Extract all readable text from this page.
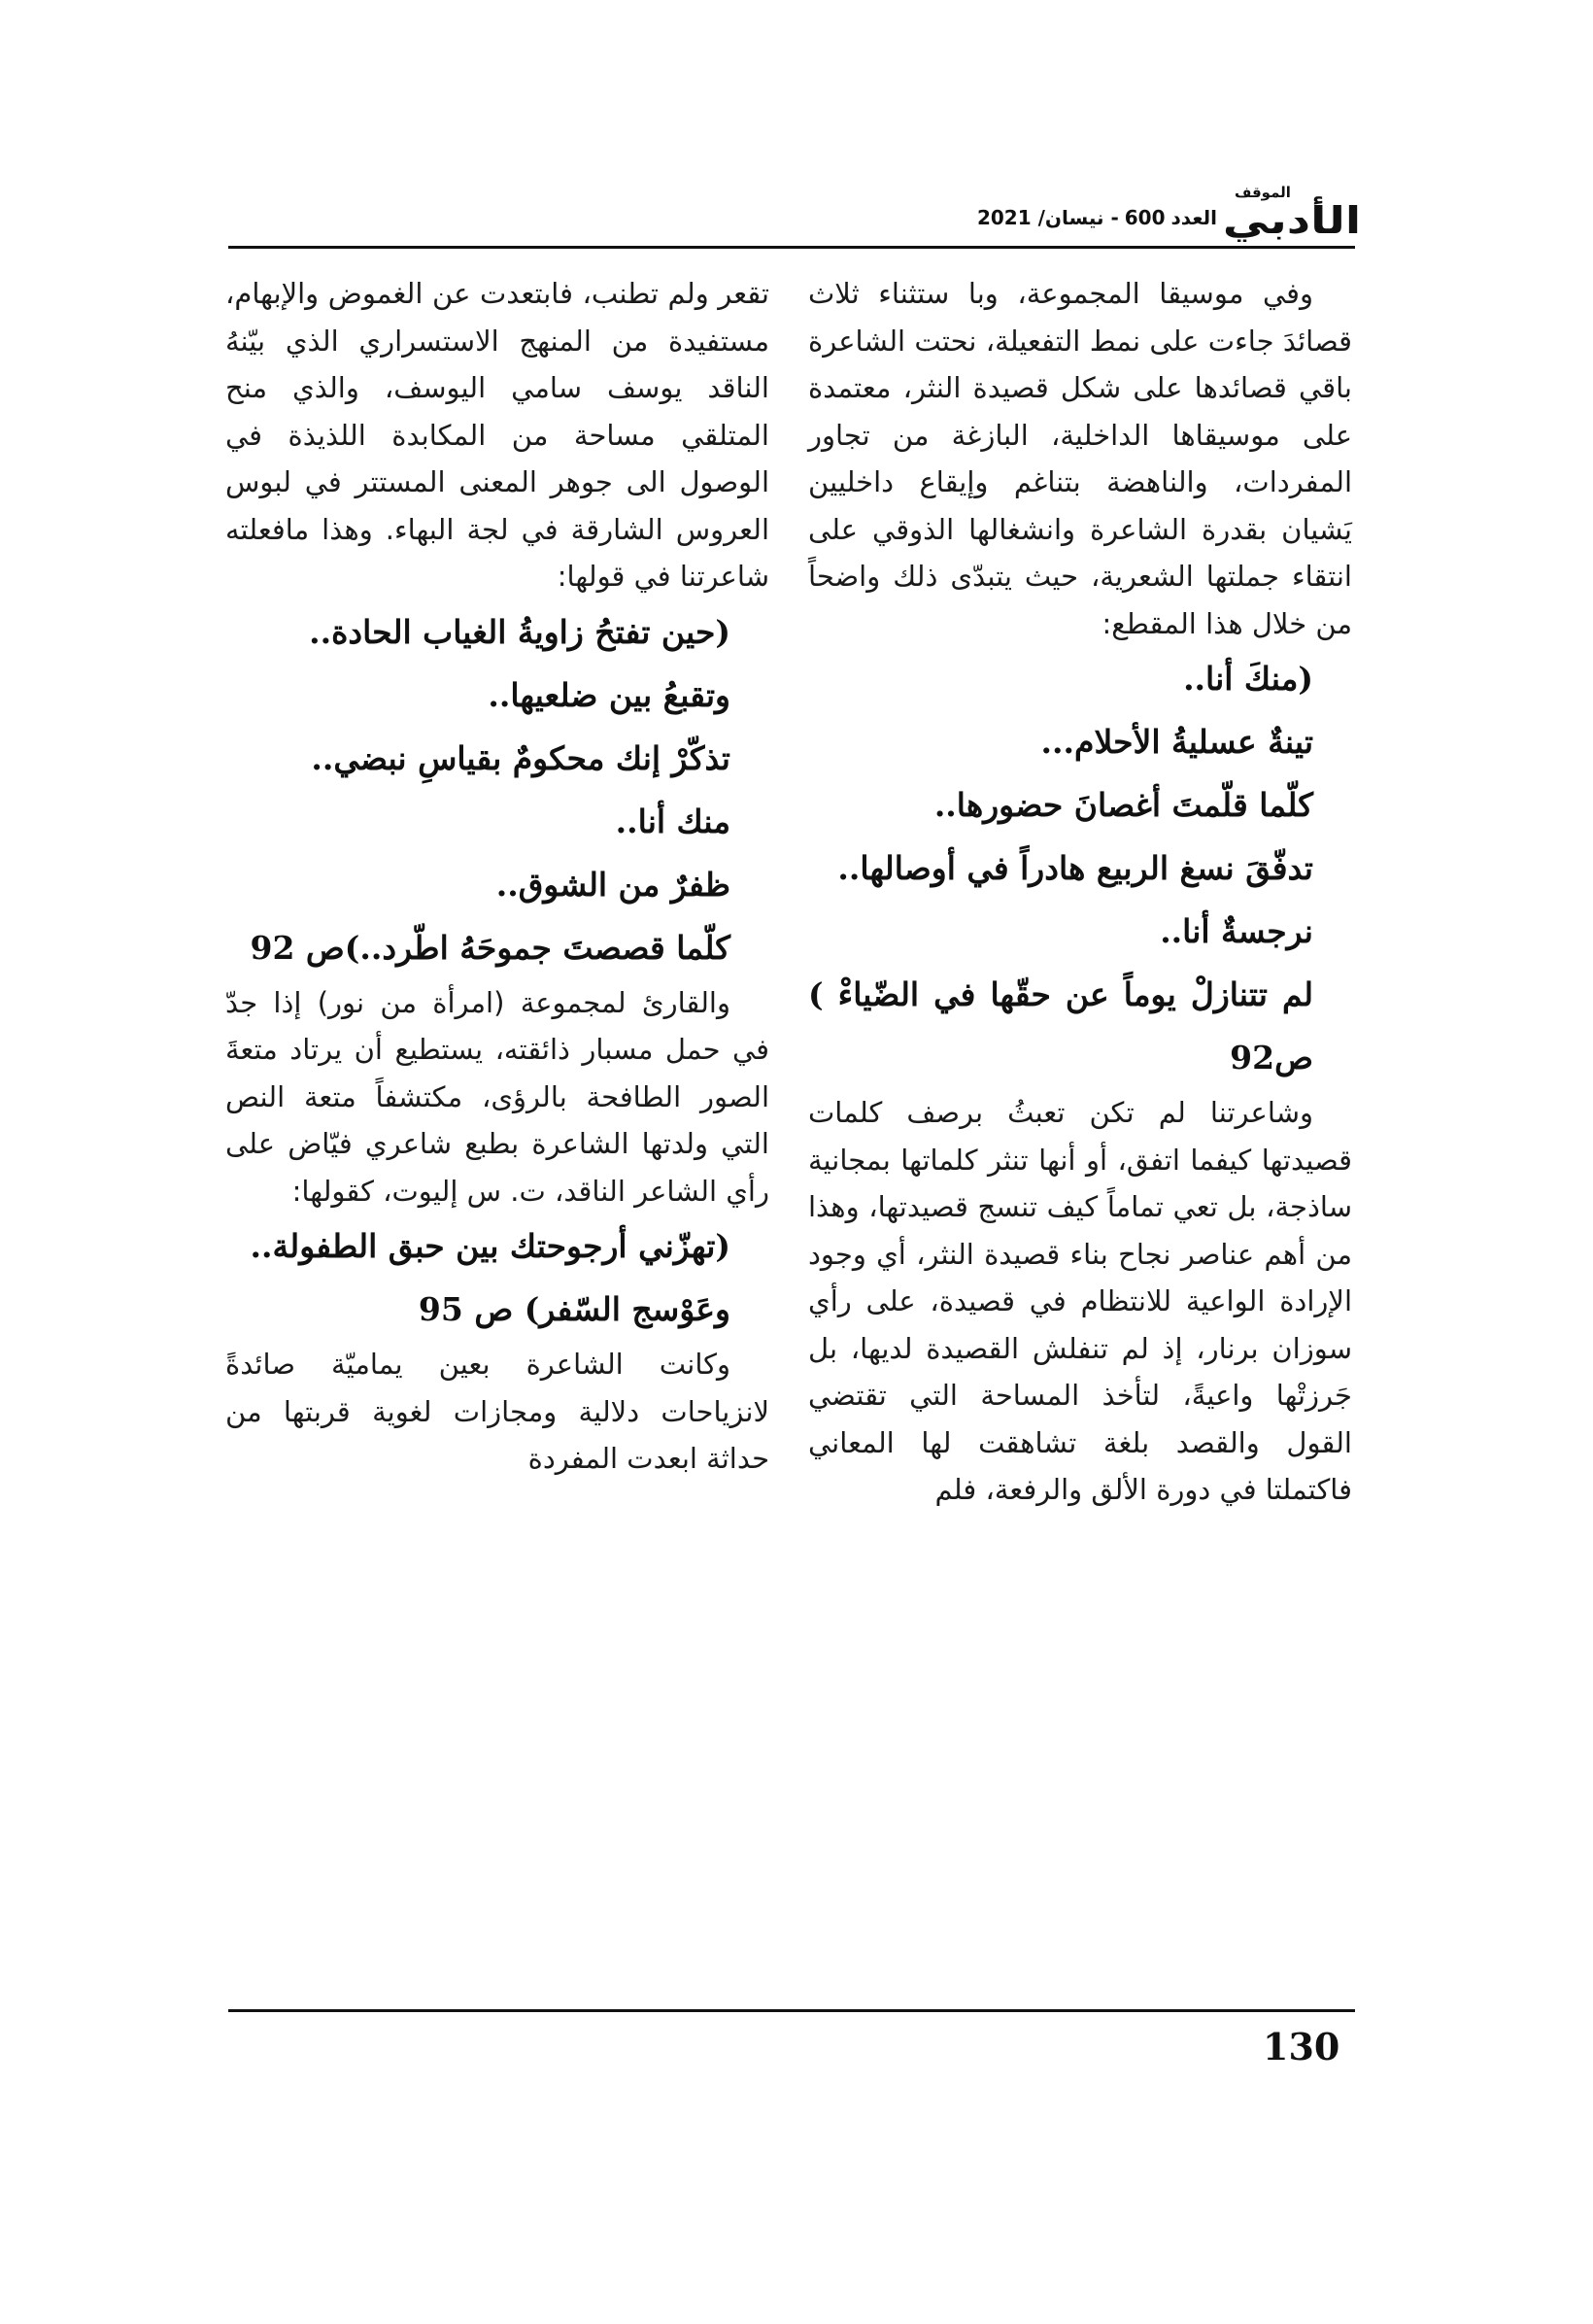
الموقف
الأدبي
العدد600- نيسان/ 2021

وفي موسيقا المجموعة، وبا ستثناء ثلاث قصائدَ جاءت على نمط التفعيلة، نحتت الشاعرة باقي قصائدها على شكل قصيدة النثر، معتمدة على موسيقاها الداخلية، البازغة من تجاور المفردات، والناهضة بتناغم وإيقاع داخليين يَشيان بقدرة الشاعرة وانشغالها الذوقي على انتقاء جملتها الشعرية، حيث يتبدّى ذلك واضحاً من خلال هذا المقطع:

(منكَ أنا..

تينةٌ عسليةُ الأحلام...

كلّما قلّمتَ أغصانَ حضورها..

تدفّقَ نسغ الربيع هادراً في أوصالها..

نرجسةٌ أنا..

لم تتنازلْ يوماً عن حقّها في الضّياءْ ) ص92

وشاعرتنا لم تكن تعبثُ برصف كلمات قصيدتها كيفما اتفق، أو أنها تنثر كلماتها بمجانية ساذجة، بل تعي تماماً كيف تنسج قصيدتها، وهذا من أهم عناصر نجاح بناء قصيدة النثر، أي وجود الإرادة الواعية للانتظام في قصيدة، على رأي سوزان برنار، إذ لم تنفلش القصيدة لديها، بل جَرزتْها واعيةً، لتأخذ المساحة التي تقتضي القول والقصد بلغة تشاهقت لها المعاني فاكتملتا في دورة الألق والرفعة، فلم

تقعر ولم تطنب، فابتعدت عن الغموض والإبهام، مستفيدة من المنهج الاستسراري الذي بيّنهُ الناقد يوسف سامي اليوسف، والذي منح المتلقي مساحة من المكابدة اللذيذة في الوصول الى جوهر المعنى المستتر في لبوس العروس الشارقة في لجة البهاء. وهذا مافعلته شاعرتنا في قولها:

(حين تفتحُ زاويةُ الغياب الحادة..

وتقبعُ بين ضلعيها..

تذكّرْ إنك محكومٌ بقياسِ نبضي..

منك أنا..

ظفرٌ من الشوق..

كلّما قصصتَ جموحَهُ اطّرد..)ص 92

والقارئ لمجموعة (امرأة من نور) إذا جدّ في حمل مسبار ذائقته، يستطيع أن يرتاد متعةَ الصور الطافحة بالرؤى، مكتشفاً متعة النص التي ولدتها الشاعرة بطبع شاعري فيّاض على رأي الشاعر الناقد، ت. س إليوت، كقولها:

(تهزّني أرجوحتك بين حبق الطفولة..

وعَوْسج السّفر) ص 95

وكانت الشاعرة بعين يماميّة صائدةً لانزياحات دلالية ومجازات لغوية قربتها من حداثة ابعدت المفردة

130
